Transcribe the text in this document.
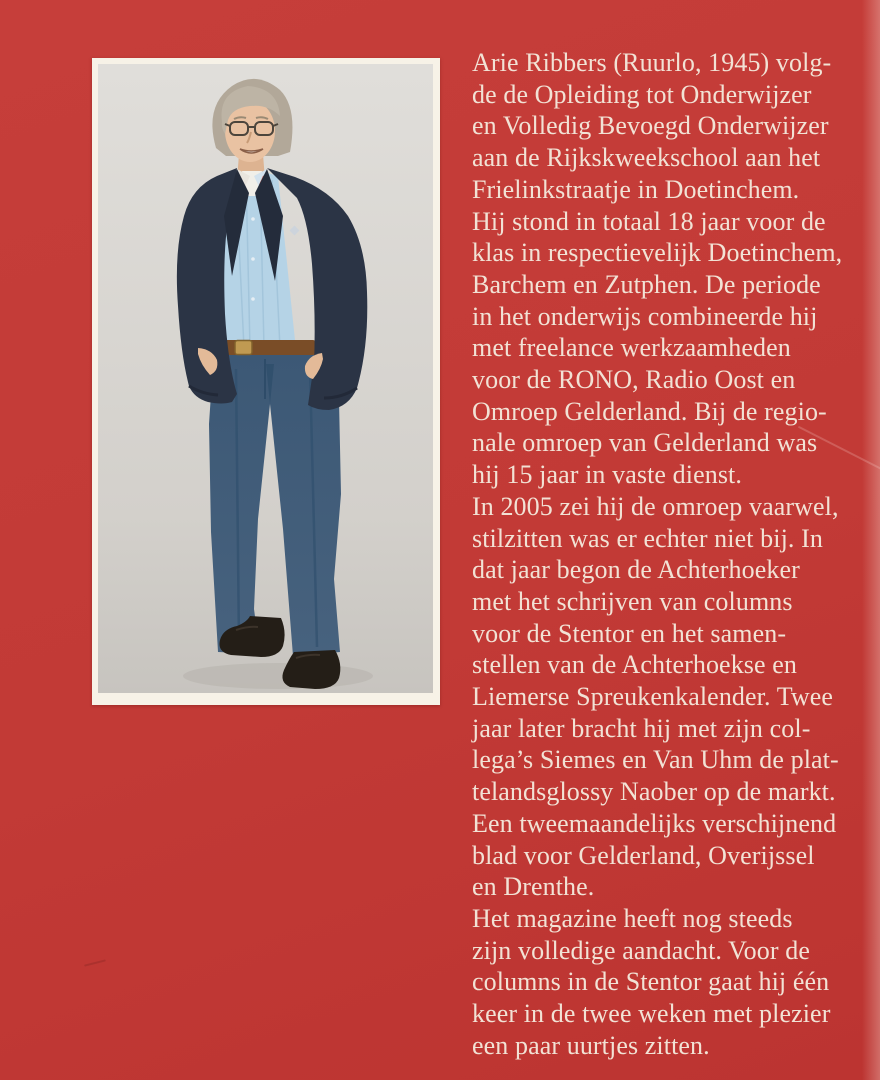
Arie Ribbers (Ruurlo, 1945) volg-

de de Opleiding tot Onderwijzer

en Volledig Bevoegd Onderwijzer

aan de Rijkskweekschool aan het

Frielinkstraatje in Doetinchem.

Hij stond in totaal 18 jaar voor de

klas in respectievelijk Doetinchem,

Barchem en Zutphen. De periode

in het onderwijs combineerde hij

met freelance werkzaamheden

voor de RONO, Radio Oost en

Omroep Gelderland. Bij de regio-

nale omroep van Gelderland was

hij 15 jaar in vaste dienst.

In 2005 zei hij de omroep vaarwel,

stilzitten was er echter niet bij. In

dat jaar begon de Achterhoeker

met het schrijven van columns

voor de Stentor en het samen-

stellen van de Achterhoekse en

Liemerse Spreukenkalender. Twee

jaar later bracht hij met zijn col-

lega’s Siemes en Van Uhm de plat-

telandsglossy Naober op de markt.

Een tweemaandelijks verschijnend

blad voor Gelderland, Overijssel

en Drenthe.

Het magazine heeft nog steeds

zijn volledige aandacht. Voor de

columns in de Stentor gaat hij één

keer in de twee weken met plezier

een paar uurtjes zitten.
